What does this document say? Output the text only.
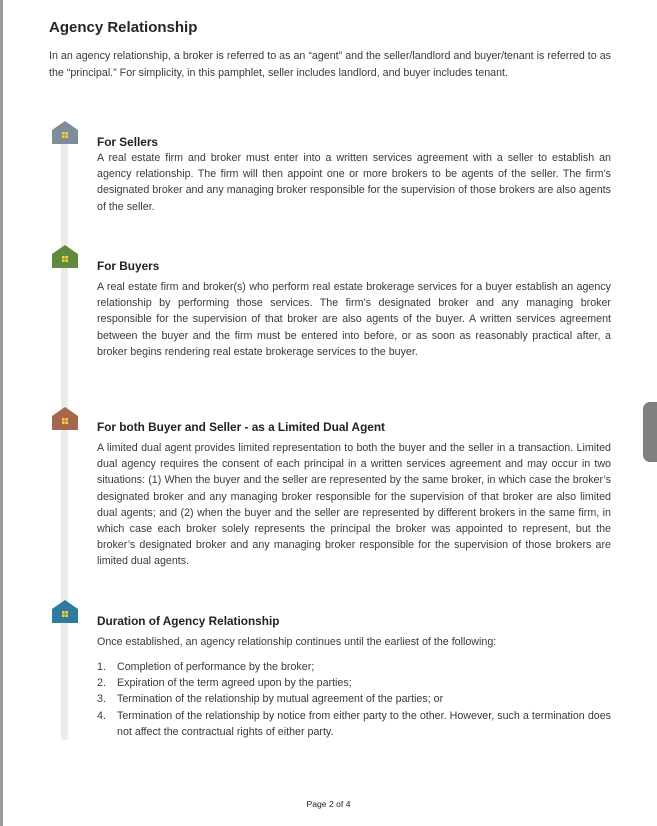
Agency Relationship

In an agency relationship, a broker is referred to as an “agent” and the seller/landlord and buyer/tenant is referred to as the “principal.” For simplicity, in this pamphlet, seller includes landlord, and buyer includes tenant.

For Sellers

A real estate firm and broker must enter into a written services agreement with a seller to establish an agency relationship. The firm will then appoint one or more brokers to be agents of the seller. The firm’s designated broker and any managing broker responsible for the supervision of those brokers are also agents of the seller.

For Buyers

A real estate firm and broker(s) who perform real estate brokerage services for a buyer establish an agency relationship by performing those services. The firm’s designated broker and any managing broker responsible for the supervision of that broker are also agents of the buyer. A written services agreement between the buyer and the firm must be entered into before, or as soon as reasonably practical after, a broker begins rendering real estate brokerage services to the buyer.

For both Buyer and Seller - as a Limited Dual Agent

A limited dual agent provides limited representation to both the buyer and the seller in a transaction. Limited dual agency requires the consent of each principal in a written services agreement and may occur in two situations: (1) When the buyer and the seller are represented by the same broker, in which case the broker’s designated broker and any managing broker responsible for the supervision of that broker are also limited dual agents; and (2) when the buyer and the seller are represented by different brokers in the same firm, in which case each broker solely represents the principal the broker was appointed to represent, but the broker’s designated broker and any managing broker responsible for the supervision of those brokers are limited dual agents.

Duration of Agency Relationship

Once established, an agency relationship continues until the earliest of the following:

1.	Completion of performance by the broker;
2.	Expiration of the term agreed upon by the parties;
3.	Termination of the relationship by mutual agreement of the parties; or
4.	Termination of the relationship by notice from either party to the other. However, such a termination does not affect the contractual rights of either party.

Page 2 of 4
